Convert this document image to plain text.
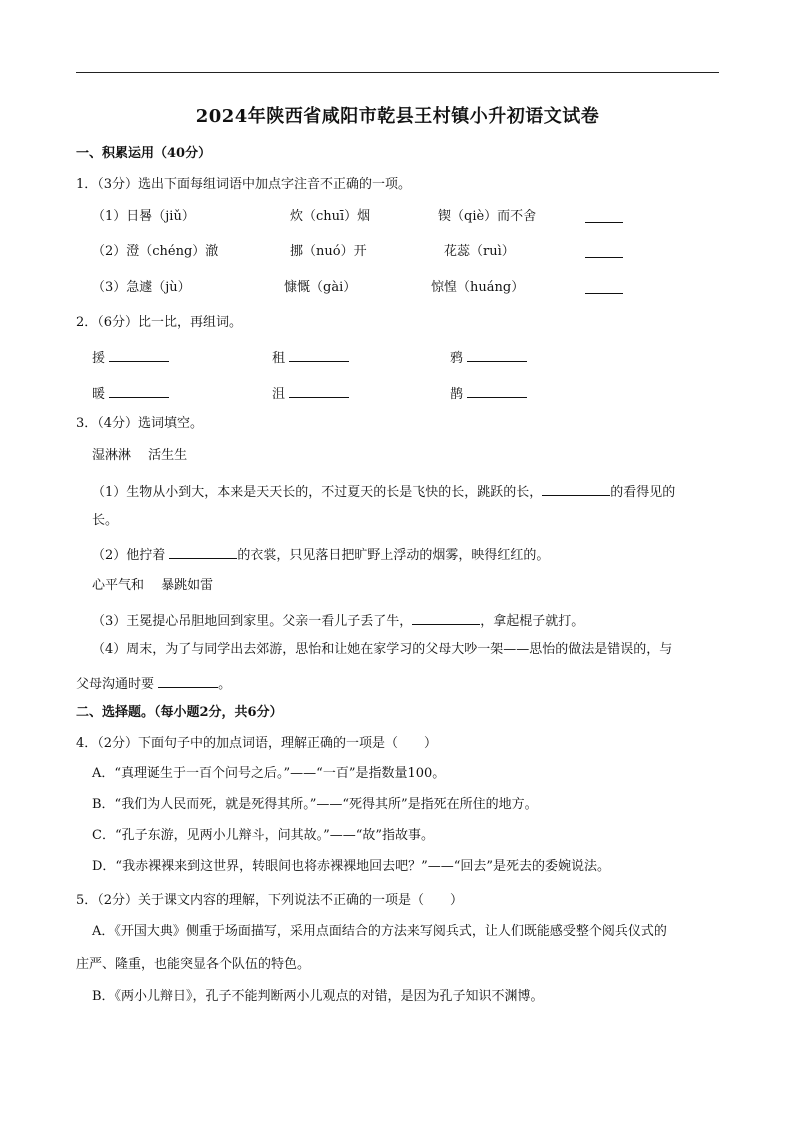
2024年陕西省咸阳市乾县王村镇小升初语文试卷
一、积累运用（40分）
1．（3分）选出下面每组词语中加点字注音不正确的一项。
（1）日晷（jiǔ）	炊（chuī）烟	锲（qiè）而不舍
（2）澄（chéng）澈	挪（nuó）开	花蕊（ruì）
（3）急遽（jù）	慷慨（gài）	惊惶（huáng）
2．（6分）比一比，再组词。
援	租	鸦
暖	沮	鹊
3．（4分）选词填空。
湿淋淋　 活生生
（1）生物从小到大，本来是天天长的，不过夏天的长是飞快的长，跳跃的长，	的看得见的
长。
（2）他拧着	的衣裳，只见落日把旷野上浮动的烟雾，映得红红的。
心平气和　 暴跳如雷
（3）王冕提心吊胆地回到家里。父亲一看儿子丢了牛，	，拿起棍子就打。
（4）周末，为了与同学出去郊游，思怡和让她在家学习的父母大吵一架——思怡的做法是错误的，与
父母沟通时要	。
二、选择题。（每小题2分，共6分）
4．（2分）下面句子中的加点词语，理解正确的一项是（　　）
A．“真理诞生于一百个问号之后。”——“一百”是指数量100。
B．“我们为人民而死，就是死得其所。”——“死得其所”是指死在所住的地方。
C．“孔子东游，见两小儿辩斗，问其故。”——“故”指故事。
D．“我赤裸裸来到这世界，转眼间也将赤裸裸地回去吧？”——“回去”是死去的委婉说法。
5．（2分）关于课文内容的理解，下列说法不正确的一项是（　　）
A．《开国大典》侧重于场面描写，采用点面结合的方法来写阅兵式，让人们既能感受整个阅兵仪式的
庄严、隆重，也能突显各个队伍的特色。
B．《两小儿辩日》，孔子不能判断两小儿观点的对错，是因为孔子知识不渊博。
